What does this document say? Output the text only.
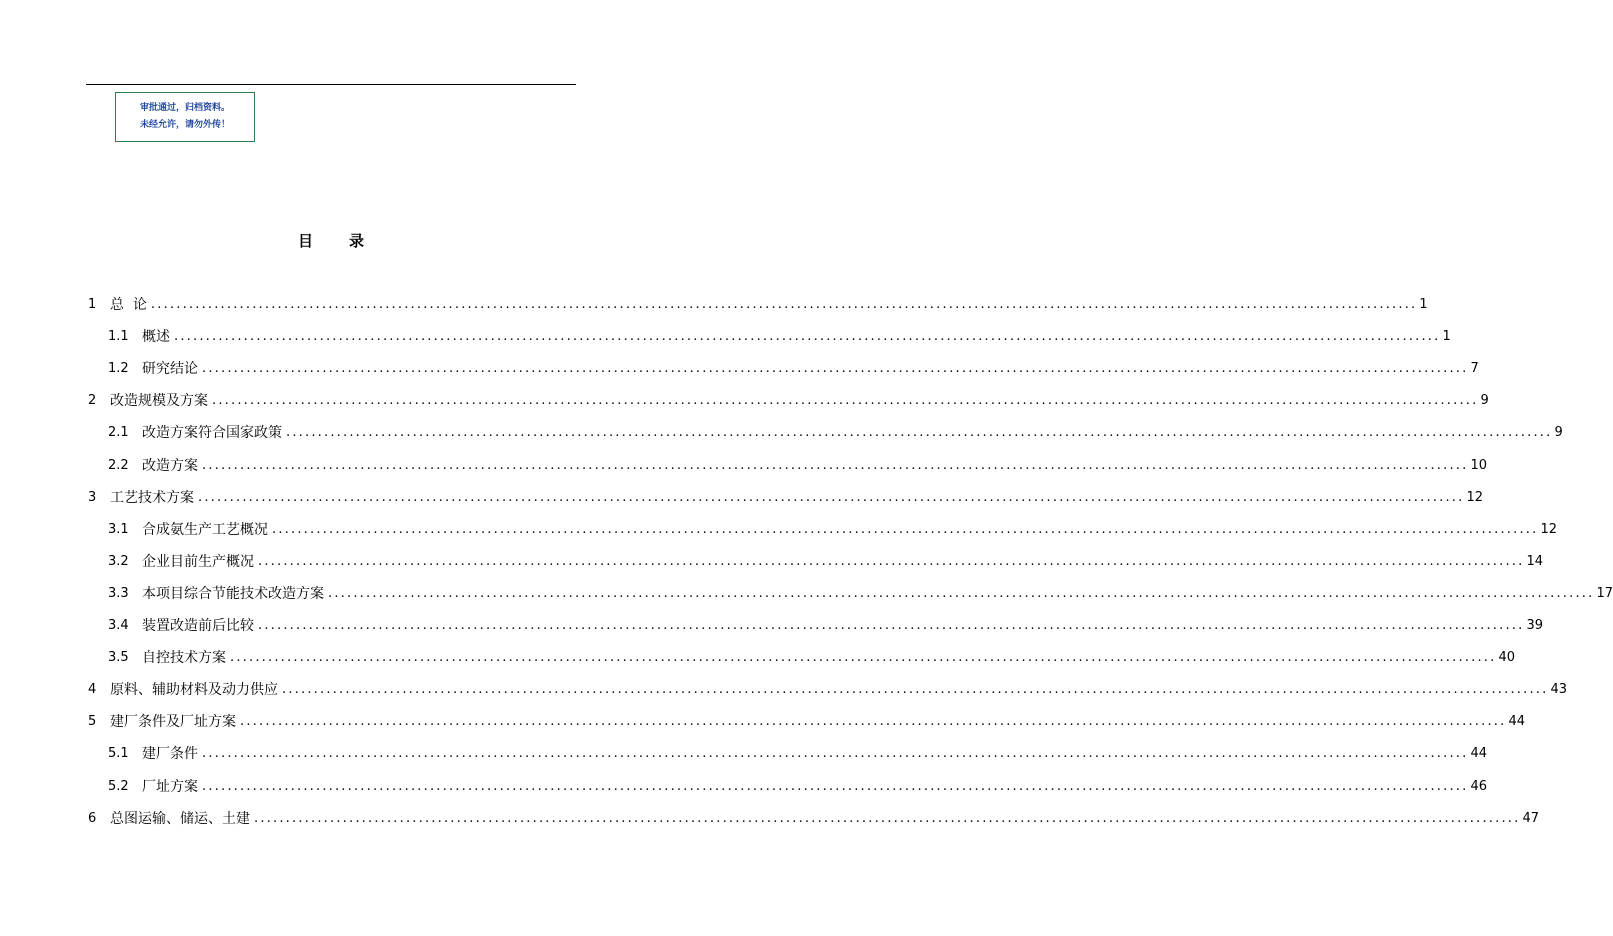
审批通过，归档资料。
未经允许，请勿外传！
目 录
1 总  论 ........................................................................................................................................................................................................ 1
1.1 概述 ........................................................................................................................................................................................................ 1
1.2 研究结论 ........................................................................................................................................................................................................ 7
2 改造规模及方案 ........................................................................................................................................................................................................ 9
2.1 改造方案符合国家政策 ........................................................................................................................................................................................................ 9
2.2 改造方案 ........................................................................................................................................................................................................ 10
3 工艺技术方案 ........................................................................................................................................................................................................ 12
3.1 合成氨生产工艺概况 ........................................................................................................................................................................................................ 12
3.2 企业目前生产概况 ........................................................................................................................................................................................................ 14
3.3 本项目综合节能技术改造方案 ........................................................................................................................................................................................................ 17
3.4 装置改造前后比较 ........................................................................................................................................................................................................ 39
3.5 自控技术方案 ........................................................................................................................................................................................................ 40
4 原料、辅助材料及动力供应 ........................................................................................................................................................................................................ 43
5 建厂条件及厂址方案 ........................................................................................................................................................................................................ 44
5.1 建厂条件 ........................................................................................................................................................................................................ 44
5.2 厂址方案 ........................................................................................................................................................................................................ 46
6 总图运输、储运、土建 ........................................................................................................................................................................................................ 47
